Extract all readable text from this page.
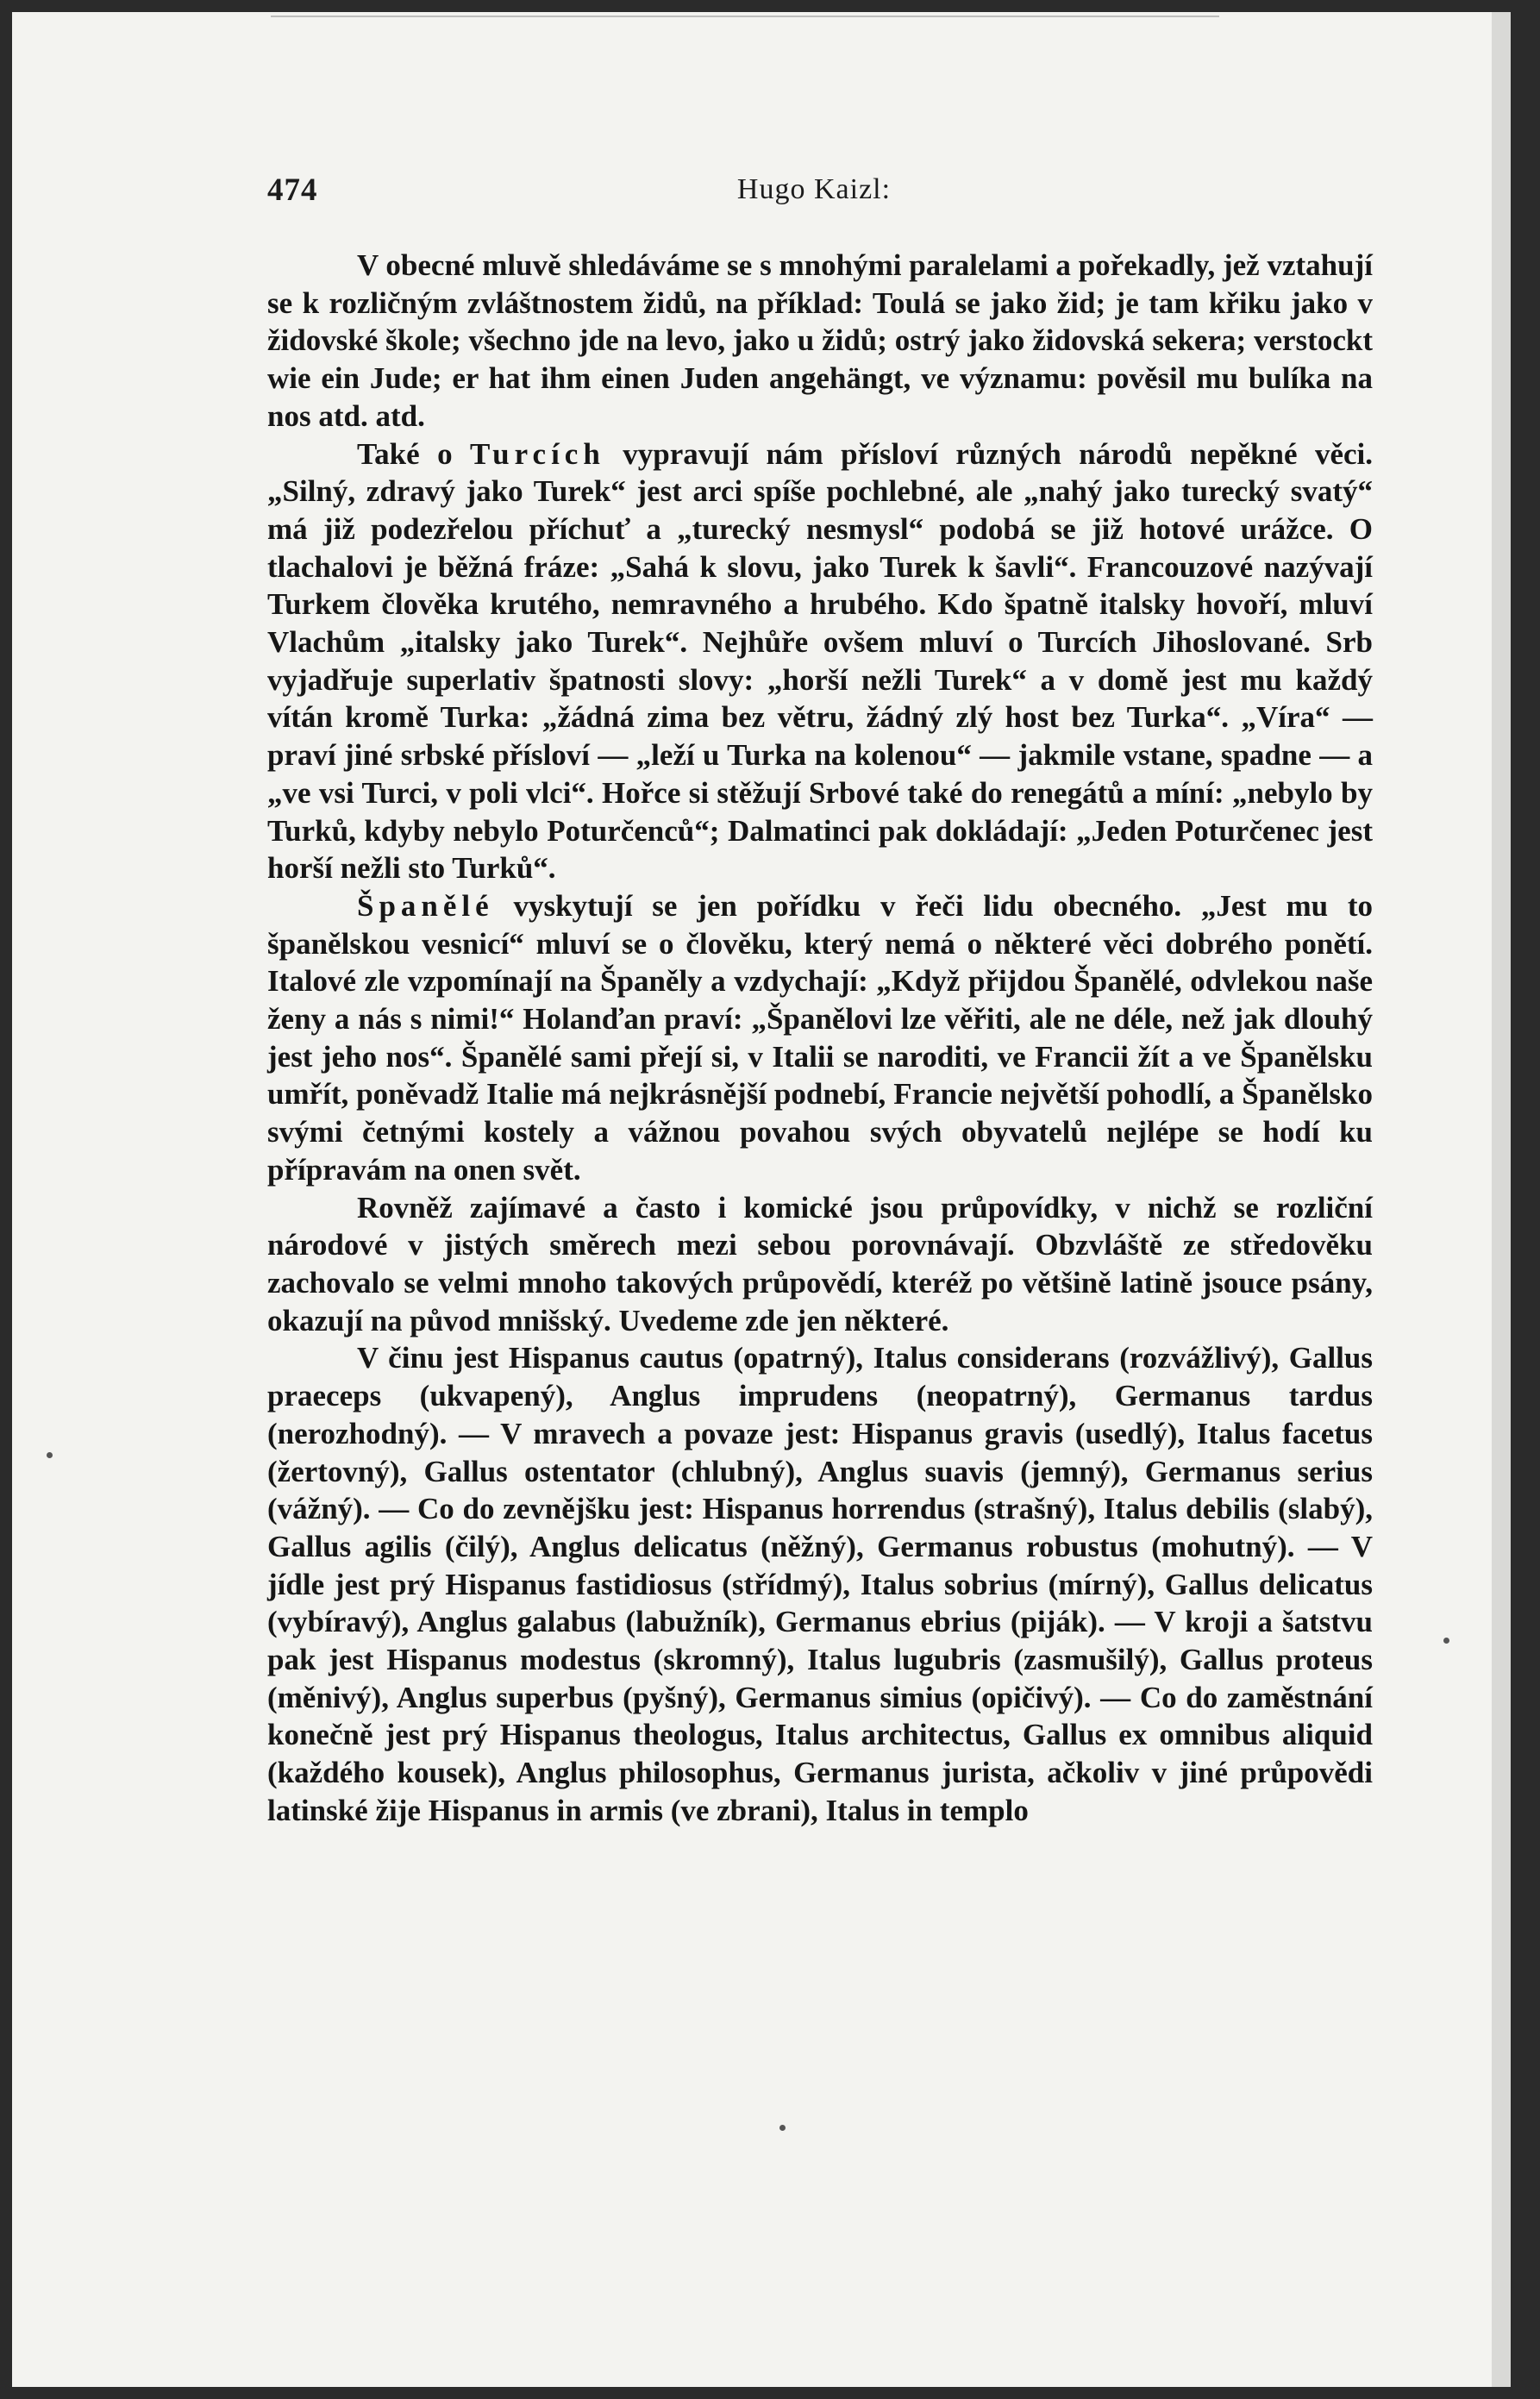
474	Hugo Kaizl:

V obecné mluvě shledáváme se s mnohými paralelami a pořekadly, jež vztahují se k rozličným zvláštnostem židů, na příklad: Toulá se jako žid; je tam křiku jako v židovské škole; všechno jde na levo, jako u židů; ostrý jako židovská sekera; verstockt wie ein Jude; er hat ihm einen Juden angehängt, ve významu: pověsil mu bulíka na nos atd. atd.

Také o Turcích vypravují nám přísloví různých národů nepěkné věci. „Silný, zdravý jako Turek“ jest arci spíše pochlebné, ale „nahý jako turecký svatý“ má již podezřelou příchuť a „turecký nesmysl“ podobá se již hotové urážce. O tlachalovi je běžná fráze: „Sahá k slovu, jako Turek k šavli“. Francouzové nazývají Turkem člověka krutého, nemravného a hrubého. Kdo špatně italsky hovoří, mluví Vlachům „italsky jako Turek“. Nejhůře ovšem mluví o Turcích Jihoslované. Srb vyjadřuje superlativ špatnosti slovy: „horší nežli Turek“ a v domě jest mu každý vítán kromě Turka: „žádná zima bez větru, žádný zlý host bez Turka“. „Víra“ — praví jiné srbské přísloví — „leží u Turka na kolenou“ — jakmile vstane, spadne — a „ve vsi Turci, v poli vlci“. Hořce si stěžují Srbové také do renegátů a míní: „nebylo by Turků, kdyby nebylo Poturčenců“; Dalmatinci pak dokládají: „Jeden Poturčenec jest horší nežli sto Turků“.

Španělé vyskytují se jen pořídku v řeči lidu obecného. „Jest mu to španělskou vesnicí“ mluví se o člověku, který nemá o některé věci dobrého ponětí. Italové zle vzpomínají na Španěly a vzdychají: „Když přijdou Španělé, odvlekou naše ženy a nás s nimi!“ Holanďan praví: „Španělovi lze věřiti, ale ne déle, než jak dlouhý jest jeho nos“. Španělé sami přejí si, v Italii se naroditi, ve Francii žít a ve Španělsku umřít, poněvadž Italie má nejkrásnější podnebí, Francie největší pohodlí, a Španělsko svými četnými kostely a vážnou povahou svých obyvatelů nejlépe se hodí ku přípravám na onen svět.

Rovněž zajímavé a často i komické jsou průpovídky, v nichž se rozliční národové v jistých směrech mezi sebou porovnávají. Obzvláště ze středověku zachovalo se velmi mnoho takových průpovědí, kteréž po většině latině jsouce psány, okazují na původ mnišský. Uvedeme zde jen některé.

V činu jest Hispanus cautus (opatrný), Italus considerans (rozvážlivý), Gallus praeceps (ukvapený), Anglus imprudens (neopatrný), Germanus tardus (nerozhodný). — V mravech a povaze jest: Hispanus gravis (usedlý), Italus facetus (žertovný), Gallus ostentator (chlubný), Anglus suavis (jemný), Germanus serius (vážný). — Co do zevnějšku jest: Hispanus horrendus (strašný), Italus debilis (slabý), Gallus agilis (čilý), Anglus delicatus (něžný), Germanus robustus (mohutný). — V jídle jest prý Hispanus fastidiosus (střídmý), Italus sobrius (mírný), Gallus delicatus (vybíravý), Anglus galabus (labužník), Germanus ebrius (piják). — V kroji a šatstvu pak jest Hispanus modestus (skromný), Italus lugubris (zasmušilý), Gallus proteus (měnivý), Anglus superbus (pyšný), Germanus simius (opičivý). — Co do zaměstnání konečně jest prý Hispanus theologus, Italus architectus, Gallus ex omnibus aliquid (každého kousek), Anglus philosophus, Germanus jurista, ačkoliv v jiné průpovědi latinské žije Hispanus in armis (ve zbrani), Italus in templo
